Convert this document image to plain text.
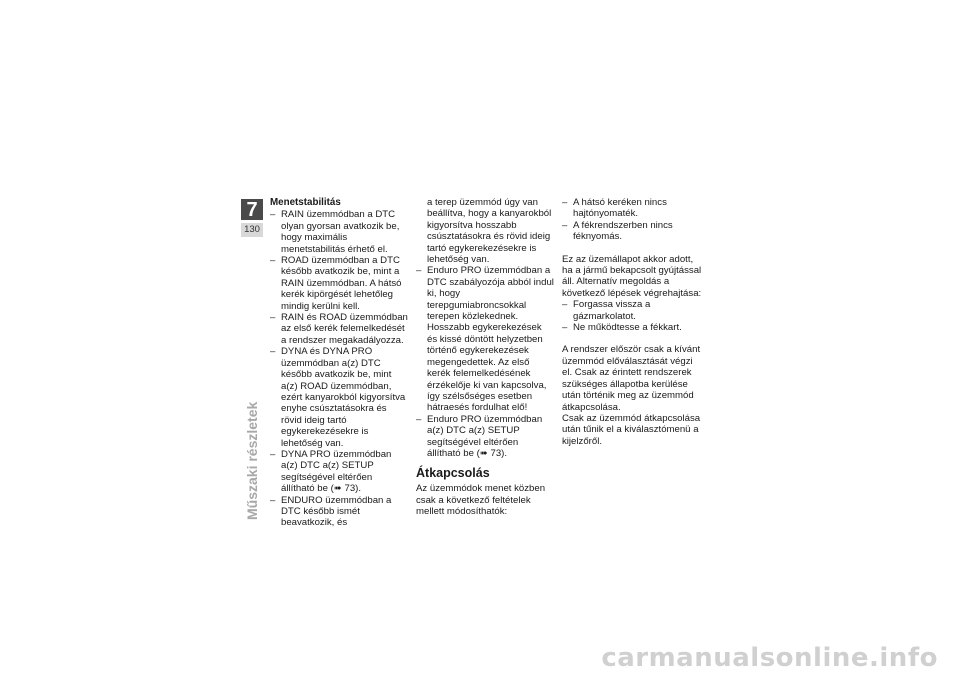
7
130
Műszaki részletek

Menetstabilitás

– RAIN üzemmódban a DTC olyan gyorsan avatkozik be, hogy maximális menetstabilitás érhető el.
– ROAD üzemmódban a DTC később avatkozik be, mint a RAIN üzemmódban. A hátsó kerék kipörgését lehetőleg mindig kerülni kell.
– RAIN és ROAD üzemmódban az első kerék felemelkedését a rendszer megakadályozza.
– DYNA és DYNA PRO üzemmódban a(z) DTC később avatkozik be, mint a(z) ROAD üzemmódban, ezért kanyarokból kigyorsítva enyhe csúsztatásokra és rövid ideig tartó egykerekezésekre is lehetőség van.
– DYNA PRO üzemmódban a(z) DTC a(z) SETUP segítségével eltérően állítható be (➠ 73).
– ENDURO üzemmódban a DTC később ismét beavatkozik, és

a terep üzemmód úgy van beállítva, hogy a kanyarokból kigyorsítva hosszabb csúsztatásokra és rövid ideig tartó egykerekezésekre is lehetőség van.

– Enduro PRO üzemmódban a DTC szabályozója abból indul ki, hogy terepgumiabroncsokkal terepen közlekednek. Hosszabb egykerekezések és kissé döntött helyzetben történő egykerekezések megengedettek. Az első kerék felemelkedésének érzékelője ki van kapcsolva, így szélsőséges esetben hátraesés fordulhat elő!
– Enduro PRO üzemmódban a(z) DTC a(z) SETUP segítségével eltérően állítható be (➠ 73).

Átkapcsolás

Az üzemmódok menet közben csak a következő feltételek mellett módosíthatók:

– A hátsó keréken nincs hajtónyomaték.
– A fékrendszerben nincs féknyomás.

Ez az üzemállapot akkor adott, ha a jármű bekapcsolt gyújtással áll. Alternatív megoldás a következő lépések végrehajtása:

– Forgassa vissza a gázmarkolatot.
– Ne működtesse a fékkart.

A rendszer először csak a kívánt üzemmód előválasztását végzi el. Csak az érintett rendszerek szükséges állapotba kerülése után történik meg az üzemmód átkapcsolása.

Csak az üzemmód átkapcsolása után tűnik el a kiválasztómenü a kijelzőről.

carmanualsonline.info
